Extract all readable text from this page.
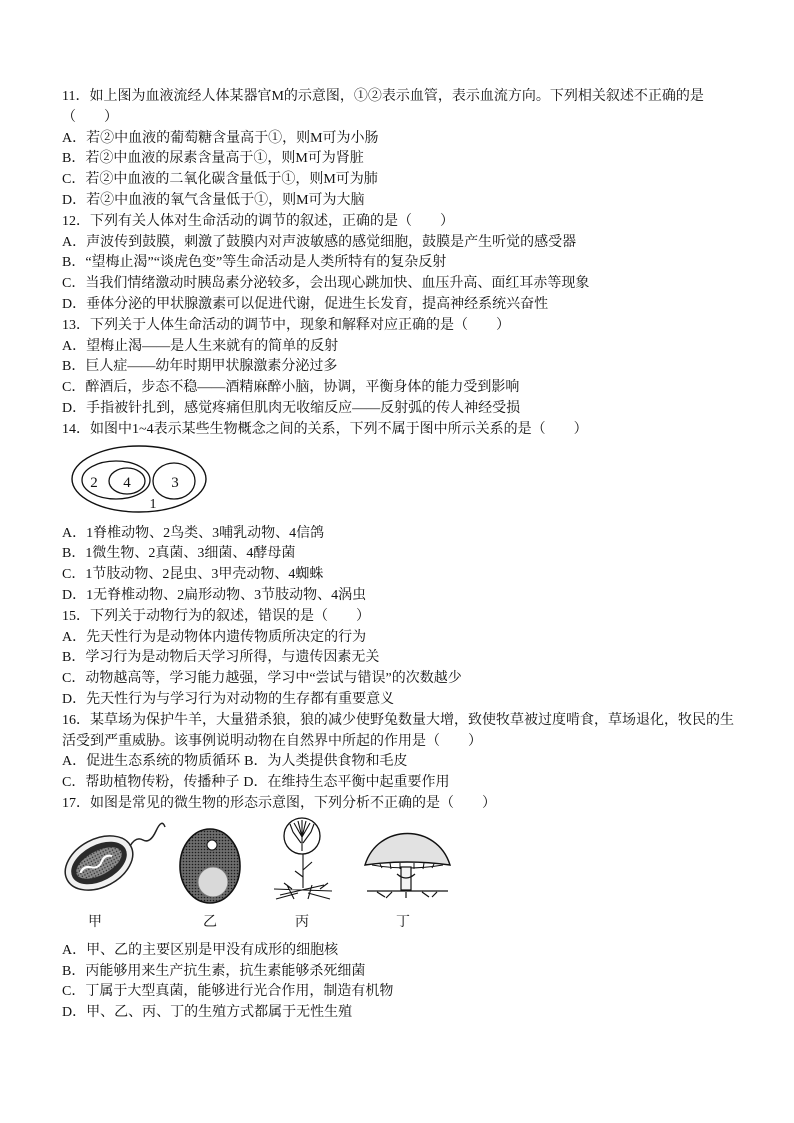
11．如上图为血液流经人体某器官M的示意图，①②表示血管，表示血流方向。下列相关叙述不正确的是
（　　）
A．若②中血液的葡萄糖含量高于①，则M可为小肠
B．若②中血液的尿素含量高于①，则M可为肾脏
C．若②中血液的二氧化碳含量低于①，则M可为肺
D．若②中血液的氧气含量低于①，则M可为大脑
12．下列有关人体对生命活动的调节的叙述，正确的是（　　）
A．声波传到鼓膜，刺激了鼓膜内对声波敏感的感觉细胞，鼓膜是产生听觉的感受器
B．“望梅止渴”“谈虎色变”等生命活动是人类所特有的复杂反射
C．当我们情绪激动时胰岛素分泌较多，会出现心跳加快、血压升高、面红耳赤等现象
D．垂体分泌的甲状腺激素可以促进代谢，促进生长发育，提高神经系统兴奋性
13．下列关于人体生命活动的调节中，现象和解释对应正确的是（　　）
A．望梅止渴——是人生来就有的简单的反射
B．巨人症——幼年时期甲状腺激素分泌过多
C．醉酒后，步态不稳——酒精麻醉小脑，协调，平衡身体的能力受到影响
D．手指被针扎到，感觉疼痛但肌肉无收缩反应——反射弧的传人神经受损
14．如图中1~4表示某些生物概念之间的关系，下列不属于图中所示关系的是（　　）
2 4	3
1
A．1脊椎动物、2鸟类、3哺乳动物、4信鸽
B．1微生物、2真菌、3细菌、4酵母菌
C．1节肢动物、2昆虫、3甲壳动物、4蜘蛛
D．1无脊椎动物、2扁形动物、3节肢动物、4涡虫
15．下列关于动物行为的叙述，错误的是（　　）
A．先天性行为是动物体内遗传物质所决定的行为
B．学习行为是动物后天学习所得，与遗传因素无关
C．动物越高等，学习能力越强，学习中“尝试与错误”的次数越少
D．先天性行为与学习行为对动物的生存都有重要意义
16．某草场为保护牛羊，大量猎杀狼，狼的减少使野兔数量大增，致使牧草被过度啃食，草场退化，牧民的生
活受到严重威胁。该事例说明动物在自然界中所起的作用是（　　）
A．促进生态系统的物质循环 B．为人类提供食物和毛皮
C．帮助植物传粉，传播种子 D．在维持生态平衡中起重要作用
17．如图是常见的微生物的形态示意图，下列分析不正确的是（　　）
甲	乙	丙	丁
A．甲、乙的主要区别是甲没有成形的细胞核
B．丙能够用来生产抗生素，抗生素能够杀死细菌
C．丁属于大型真菌，能够进行光合作用，制造有机物
D．甲、乙、丙、丁的生殖方式都属于无性生殖
